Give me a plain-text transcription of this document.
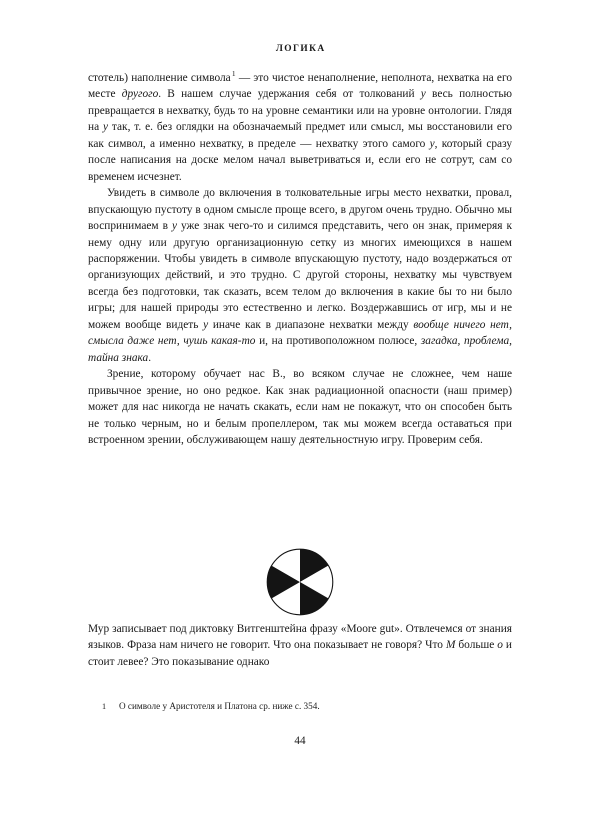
ЛОГИКА

стотель) наполнение символа$^1$ — это чистое ненаполнение, неполнота, нехватка на его месте другого. В нашем случае удержания себя от толкований y весь полностью превращается в нехватку, будь то на уровне семантики или на уровне онтологии. Глядя на y так, т. е. без оглядки на обозначаемый предмет или смысл, мы восстановили его как символ, а именно нехватку, в пределе — нехватку этого самого y, который сразу после написания на доске мелом начал выветриваться и, если его не сотрут, сам со временем исчезнет.

Увидеть в символе до включения в толковательные игры место нехватки, провал, впускающую пустоту в одном смысле проще всего, в другом очень трудно. Обычно мы воспринимаем в y уже знак чего-то и силимся представить, чего он знак, примеряя к нему одну или другую организационную сетку из многих имеющихся в нашем распоряжении. Чтобы увидеть в символе впускающую пустоту, надо воздержаться от организующих действий, и это трудно. С другой стороны, нехватку мы чувствуем всегда без подготовки, так сказать, всем телом до включения в какие бы то ни было игры; для нашей природы это естественно и легко. Воздержавшись от игр, мы и не можем вообще видеть y иначе как в диапазоне нехватки между вообще ничего нет, смысла даже нет, чушь какая-то и, на противоположном полюсе, загадка, проблема, тайна знака.

Зрение, которому обучает нас В., во всяком случае не сложнее, чем наше привычное зрение, но оно редкое. Как знак радиационной опасности (наш пример) может для нас никогда не начать скакать, если нам не покажут, что он способен быть не только черным, но и белым пропеллером, так мы можем всегда оставаться при встроенном зрении, обслуживающем нашу деятельностную игру. Проверим себя.

Мур записывает под диктовку Витгенштейна фразу «Moore gut». Отвлечемся от знания языков. Фраза нам ничего не говорит. Что она показывает не говоря? Что М больше o и стоит левее? Это показывание однако

1	О символе у Аристотеля и Платона ср. ниже с. 354.
44
